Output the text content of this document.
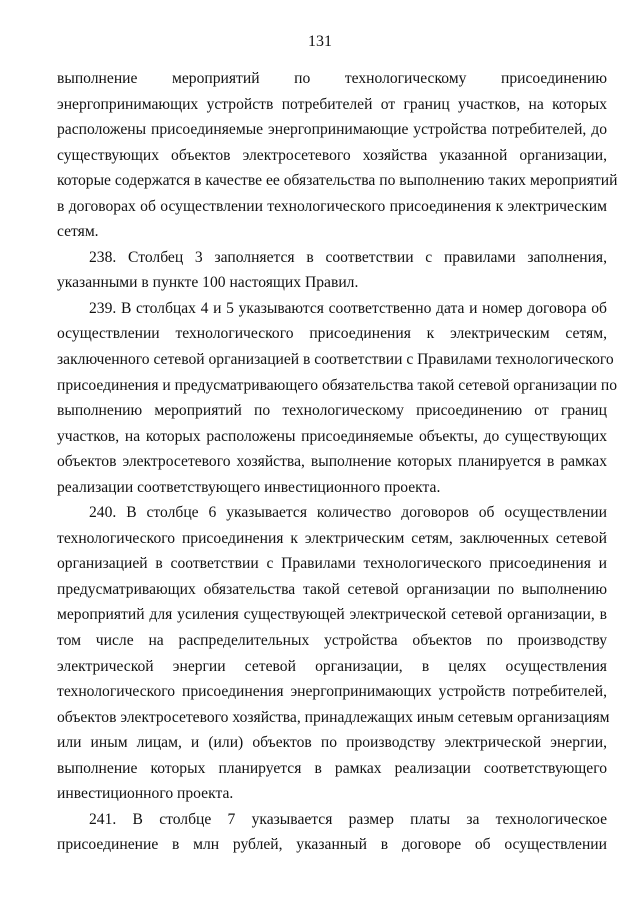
131
выполнение мероприятий по технологическому присоединению
энергопринимающих устройств потребителей от границ участков, на которых
расположены присоединяемые энергопринимающие устройства потребителей, до
существующих объектов электросетевого хозяйства указанной организации,
которые содержатся в качестве ее обязательства по выполнению таких мероприятий
в договорах об осуществлении технологического присоединения к электрическим
сетям.
238. Столбец 3 заполняется в соответствии с правилами заполнения,
указанными в пункте 100 настоящих Правил.
239. В столбцах 4 и 5 указываются соответственно дата и номер договора об
осуществлении технологического присоединения к электрическим сетям,
заключенного сетевой организацией в соответствии с Правилами технологического
присоединения и предусматривающего обязательства такой сетевой организации по
выполнению мероприятий по технологическому присоединению от границ
участков, на которых расположены присоединяемые объекты, до существующих
объектов электросетевого хозяйства, выполнение которых планируется в рамках
реализации соответствующего инвестиционного проекта.
240. В столбце 6 указывается количество договоров об осуществлении
технологического присоединения к электрическим сетям, заключенных сетевой
организацией в соответствии с Правилами технологического присоединения и
предусматривающих обязательства такой сетевой организации по выполнению
мероприятий для усиления существующей электрической сетевой организации, в
том числе на распределительных устройства объектов по производству
электрической энергии сетевой организации, в целях осуществления
технологического присоединения энергопринимающих устройств потребителей,
объектов электросетевого хозяйства, принадлежащих иным сетевым организациям
или иным лицам, и (или) объектов по производству электрической энергии,
выполнение которых планируется в рамках реализации соответствующего
инвестиционного проекта.
241. В столбце 7 указывается размер платы за технологическое
присоединение в млн рублей, указанный в договоре об осуществлении
